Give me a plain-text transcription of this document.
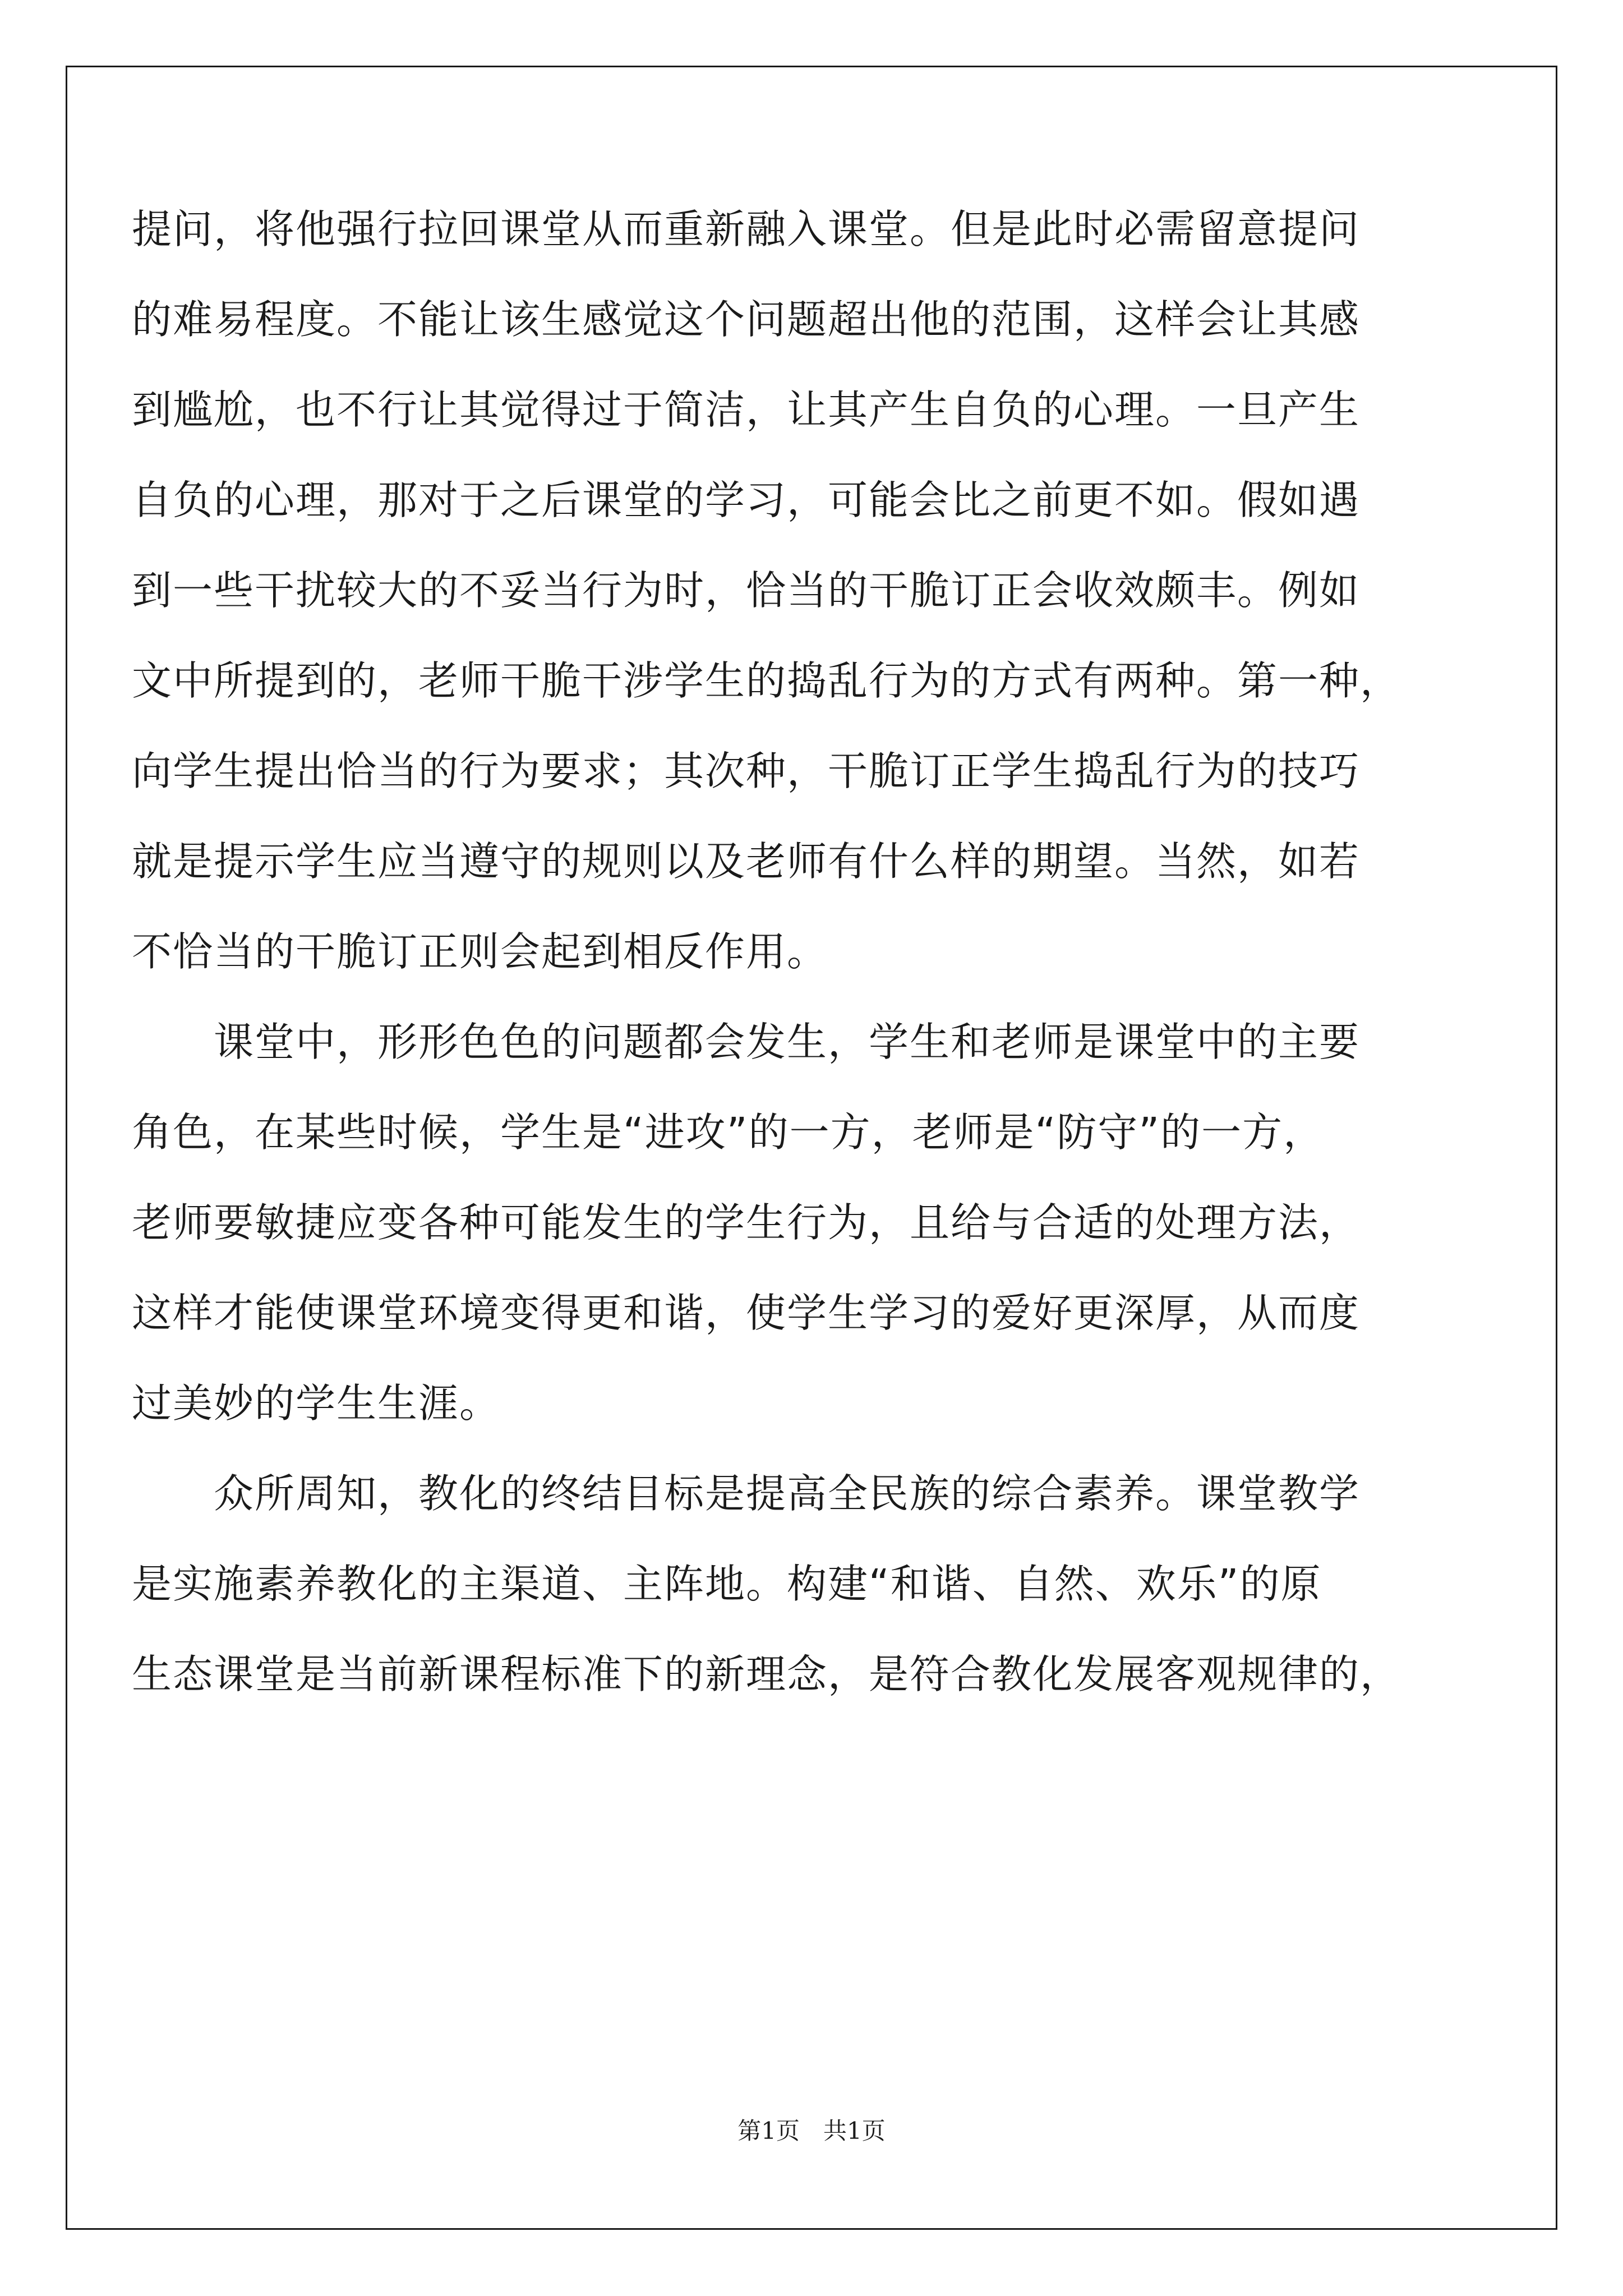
提问，将他强行拉回课堂从而重新融入课堂。但是此时必需留意提问
的难易程度。不能让该生感觉这个问题超出他的范围，这样会让其感
到尴尬，也不行让其觉得过于简洁，让其产生自负的心理。一旦产生
自负的心理，那对于之后课堂的学习，可能会比之前更不如。假如遇
到一些干扰较大的不妥当行为时，恰当的干脆订正会收效颇丰。例如
文中所提到的，老师干脆干涉学生的捣乱行为的方式有两种。第一种，
向学生提出恰当的行为要求；其次种，干脆订正学生捣乱行为的技巧
就是提示学生应当遵守的规则以及老师有什么样的期望。当然，如若
不恰当的干脆订正则会起到相反作用。
　　课堂中，形形色色的问题都会发生，学生和老师是课堂中的主要
角色，在某些时候，学生是“进攻”的一方，老师是“防守”的一方，
老师要敏捷应变各种可能发生的学生行为，且给与合适的处理方法，
这样才能使课堂环境变得更和谐，使学生学习的爱好更深厚，从而度
过美妙的学生生涯。
　　众所周知，教化的终结目标是提高全民族的综合素养。课堂教学
是实施素养教化的主渠道、主阵地。构建“和谐、自然、欢乐”的原
生态课堂是当前新课程标准下的新理念，是符合教化发展客观规律的，
第1页　共1页
